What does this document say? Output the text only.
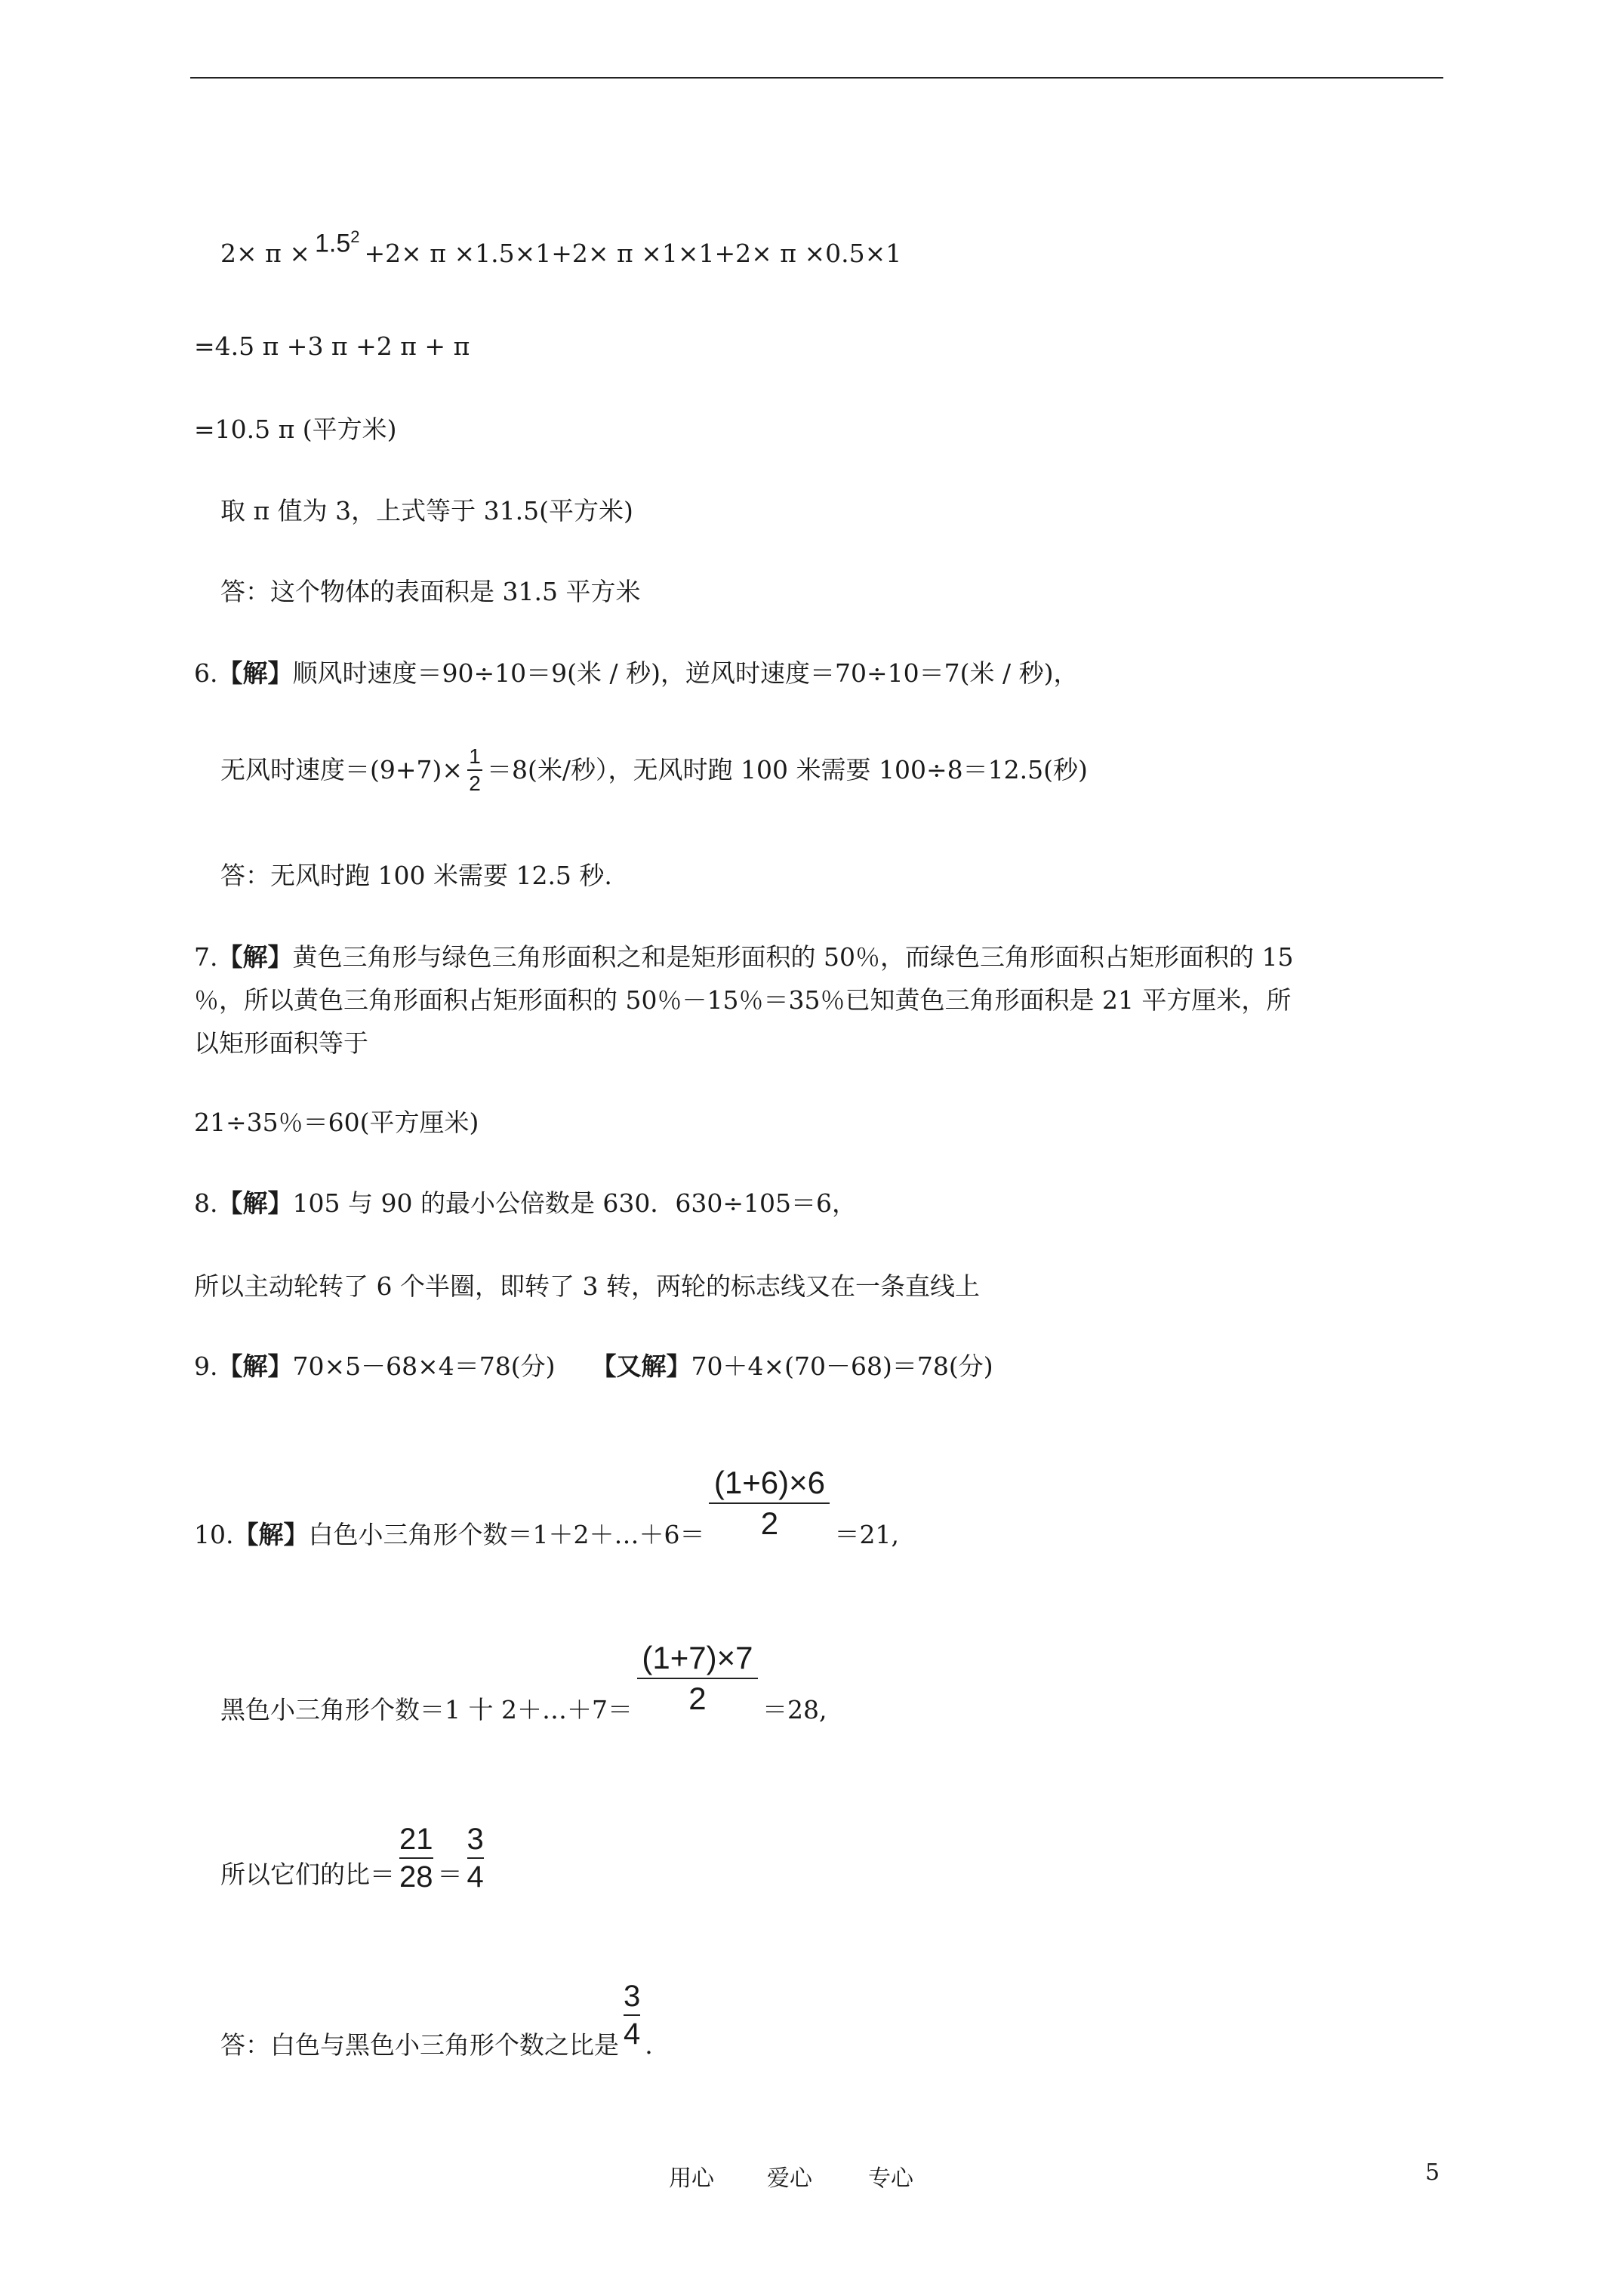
$2\times \pi \times 1.5^2$
+2× π ×1.5×1+2× π ×1×1+2× π ×0.5×1
=4.5 π +3 π +2 π + π
=10.5 π (平方米)
取 π 值为 3，上式等于 31.5(平方米)
答：这个物体的表面积是 31.5 平方米
6. 【解】 顺风时速度＝90÷10＝9(米 / 秒)，逆风时速度＝70÷10＝7(米 / 秒)，
无风时速度$=(9+7)\times \frac{1}{2} =8$(米/秒），无风时跑 100 米需要 100÷8＝12.5(秒)
答：无风时跑 100 米需要 12.5 秒.
7. 【解】 黄色三角形与绿色三角形面积之和是矩形面积的 50％，而绿色三角形面积占矩形面积的 15
％，所以黄色三角形面积占矩形面积的 50％－15％＝35％已知黄色三角形面积是 21 平方厘米，所
以矩形面积等于
21÷35％＝60(平方厘米)
8. 【解】 105 与 90 的最小公倍数是 630．630÷105＝6，
所以主动轮转了 6 个半圈，即转了 3 转，两轮的标志线又在一条直线上
9. 【解】 70×5－68×4＝78(分) 【又解】 70＋4×(70－68)＝78(分)
10. 【解】 白色小三角形个数＝1＋2＋…＋6＝ $\frac{(1+6)\times 6}{2} =21$,
黑色小三角形个数＝1 十 2＋…＋7＝ $\frac{(1+7)\times 7}{2} =28$,
所以它们的比＝ $\frac{21}{28} = \frac{3}{4}$
答：白色与黑色小三角形个数之比是 $\frac{3}{4}$ .
用心 爱心 专心	5
